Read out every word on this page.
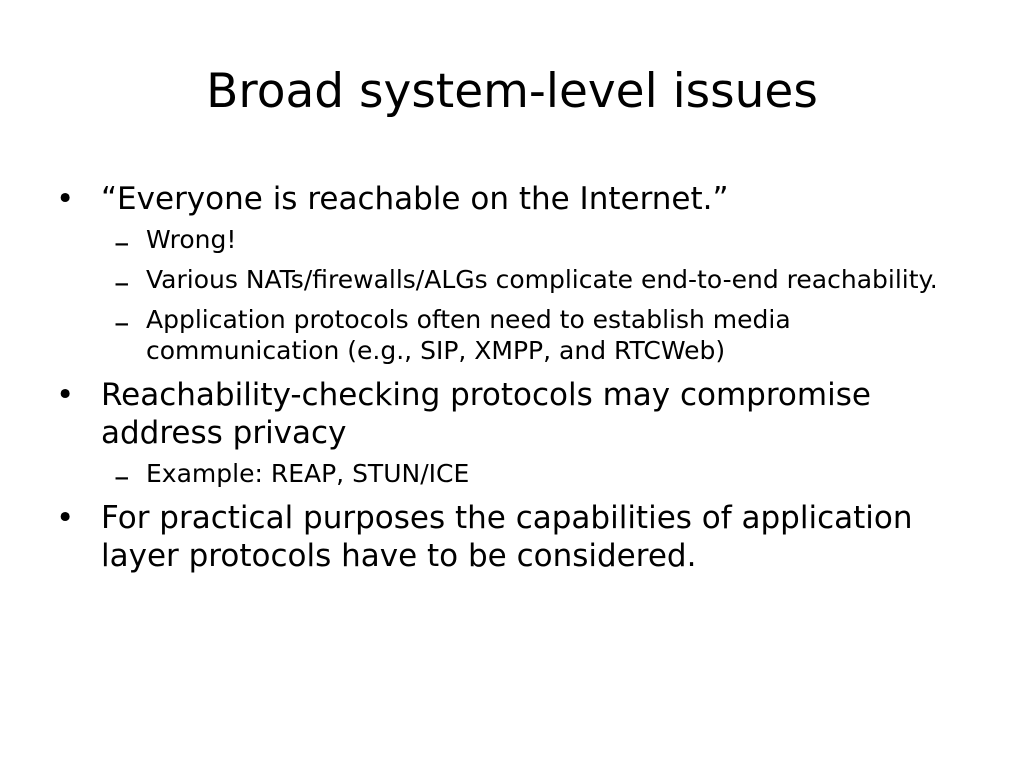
Broad system-level issues
• “Everyone is reachable on the Internet.”
– Wrong!
– Various NATs/firewalls/ALGs complicate end-to-end reachability.
– Application protocols often need to establish media communication (e.g., SIP, XMPP, and RTCWeb)
• Reachability-checking protocols may compromise address privacy
– Example: REAP, STUN/ICE
• For practical purposes the capabilities of application layer protocols have to be considered.
